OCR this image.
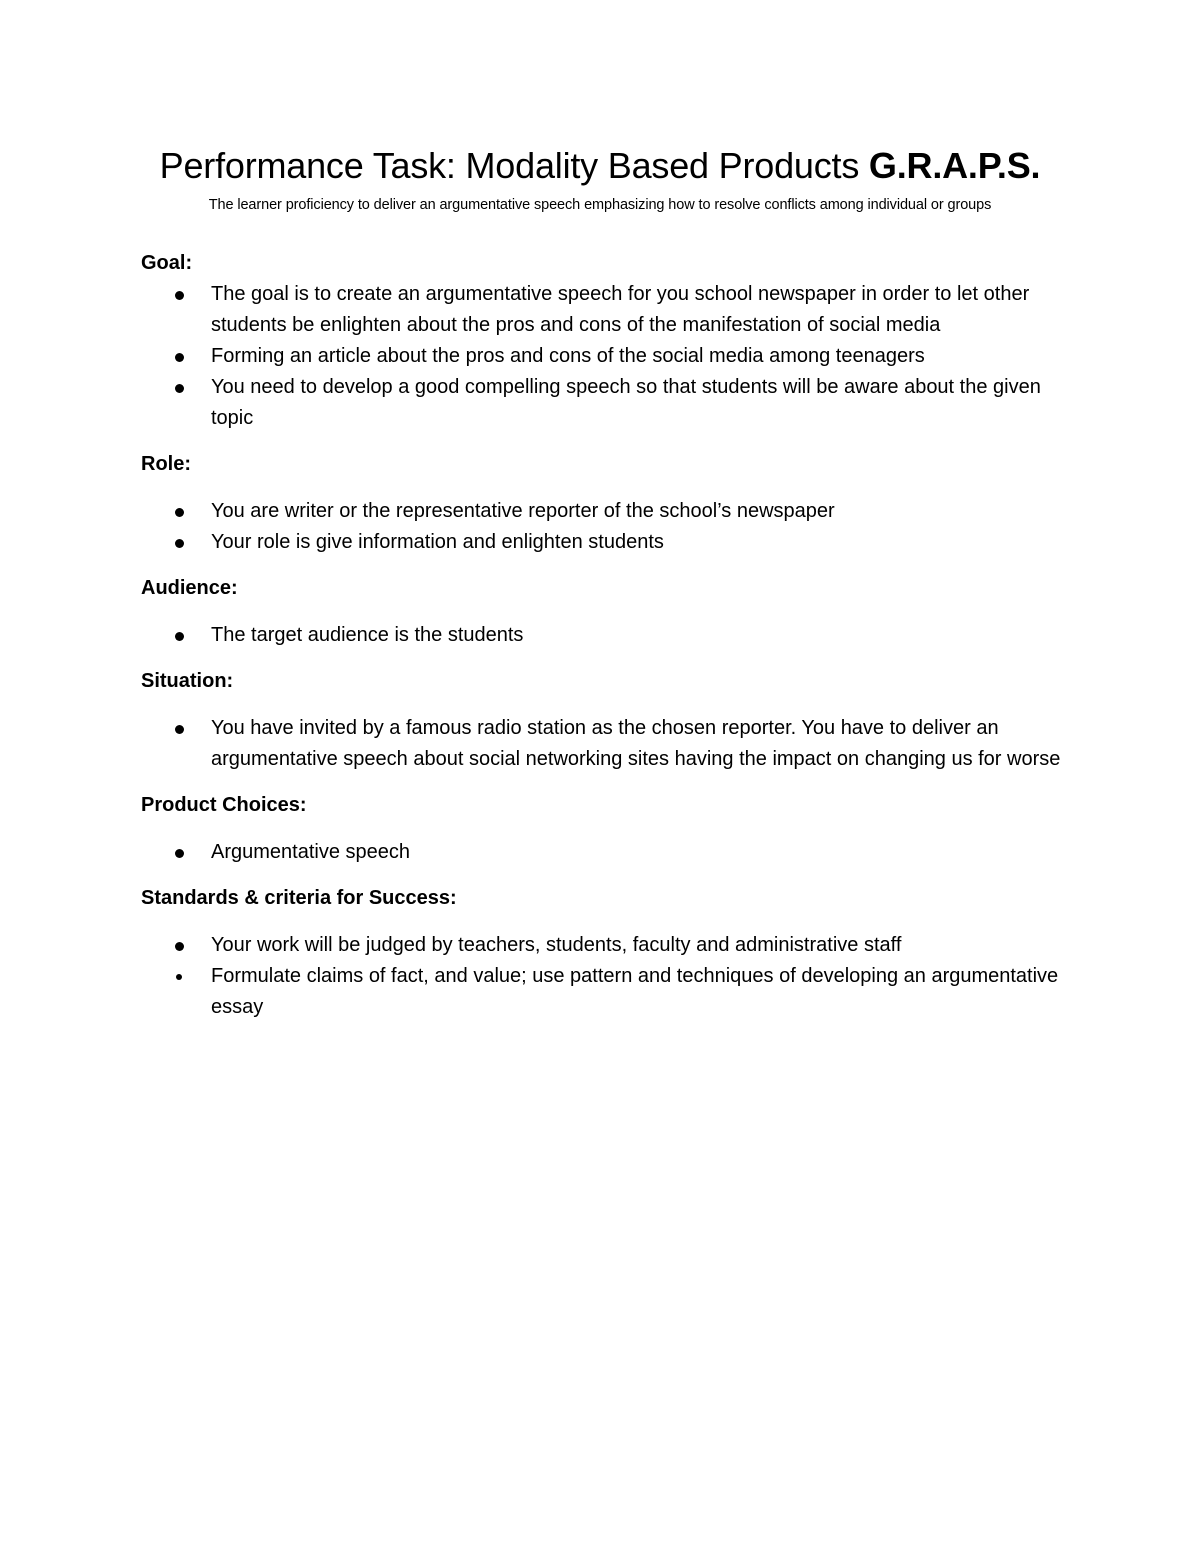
Performance Task: Modality Based Products G.R.A.P.S.
The learner proficiency to deliver an argumentative speech emphasizing how to resolve conflicts among individual or groups
Goal:
The goal is to create an argumentative speech for you school newspaper in order to let other students be enlighten about the pros and cons of the manifestation of social media
Forming an article about the pros and cons of the social media among teenagers
You need to develop a good compelling speech so that students will be aware about the given topic
Role:
You are writer or the representative reporter of the school’s newspaper
Your role is give information and enlighten students
Audience:
The target audience is the students
Situation:
You have invited by a famous radio station as the chosen reporter. You have to deliver an argumentative speech about social networking sites having the impact on changing us for worse
Product Choices:
Argumentative speech
Standards & criteria for Success:
Your work will be judged by teachers, students, faculty and administrative staff
Formulate claims of fact, and value; use pattern and techniques of developing an argumentative essay
